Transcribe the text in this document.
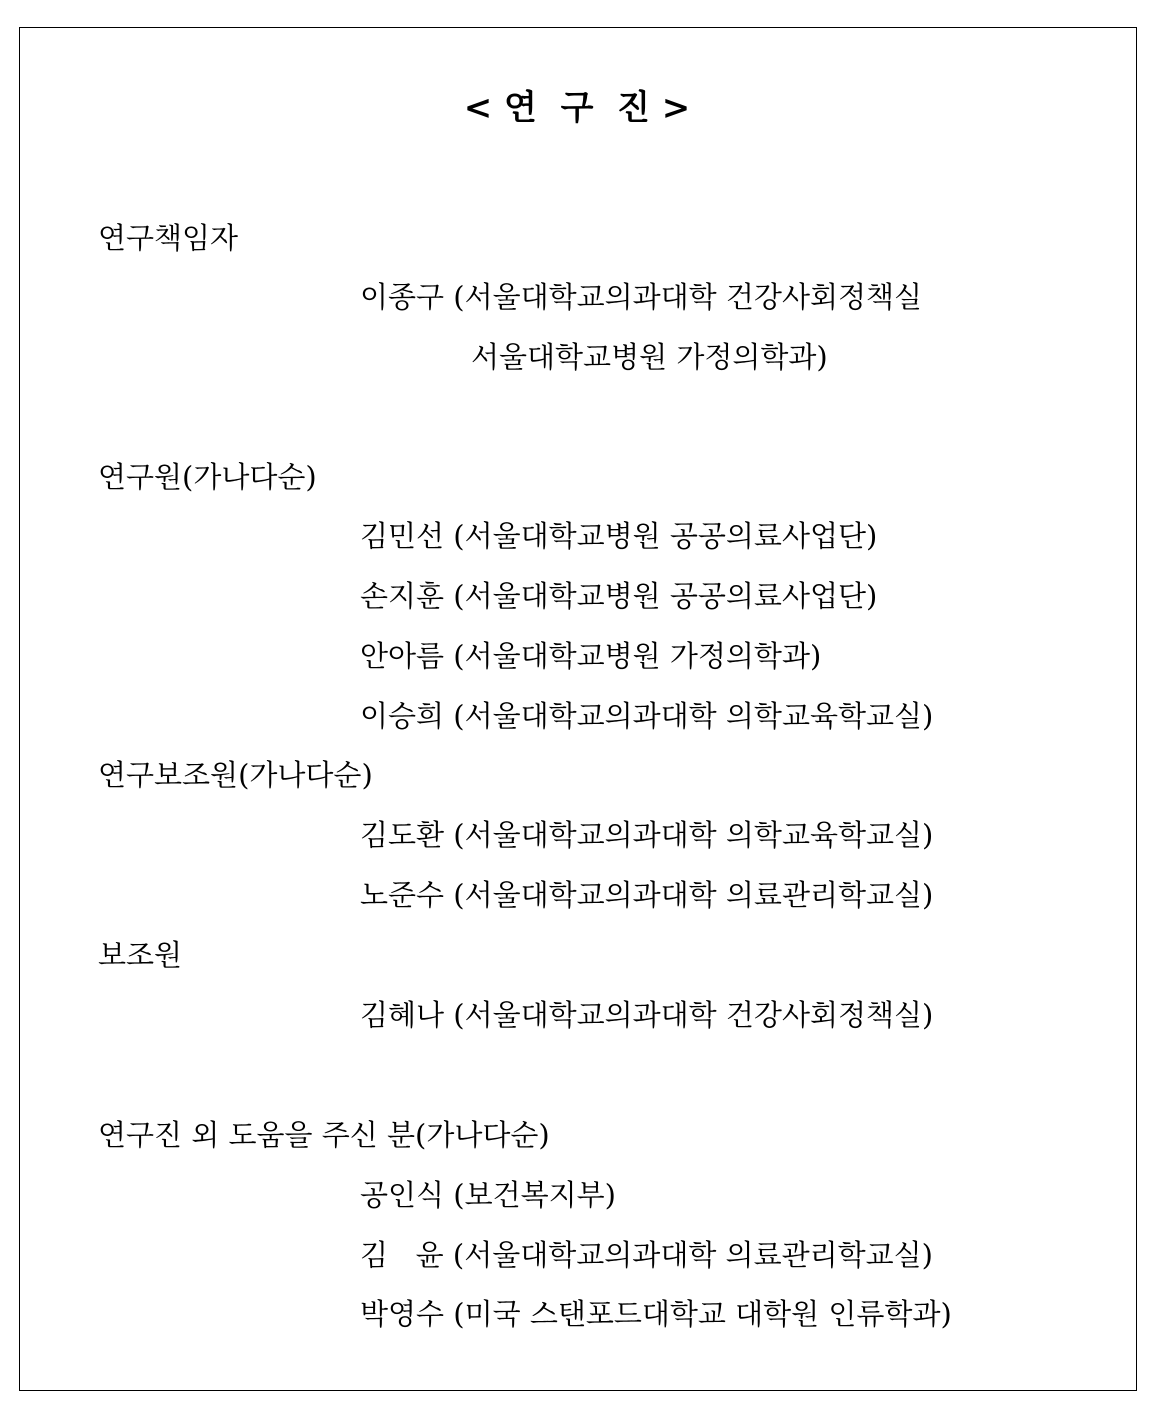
< 연  구  진 >
연구책임자
이종구 (서울대학교의과대학 건강사회정책실
서울대학교병원 가정의학과)
연구원(가나다순)
김민선 (서울대학교병원 공공의료사업단)
손지훈 (서울대학교병원 공공의료사업단)
안아름 (서울대학교병원 가정의학과)
이승희 (서울대학교의과대학 의학교육학교실)
연구보조원(가나다순)
김도환 (서울대학교의과대학 의학교육학교실)
노준수 (서울대학교의과대학 의료관리학교실)
보조원
김혜나 (서울대학교의과대학 건강사회정책실)
연구진 외 도움을 주신 분(가나다순)
공인식 (보건복지부)
김   윤 (서울대학교의과대학 의료관리학교실)
박영수 (미국 스탠포드대학교 대학원 인류학과)
